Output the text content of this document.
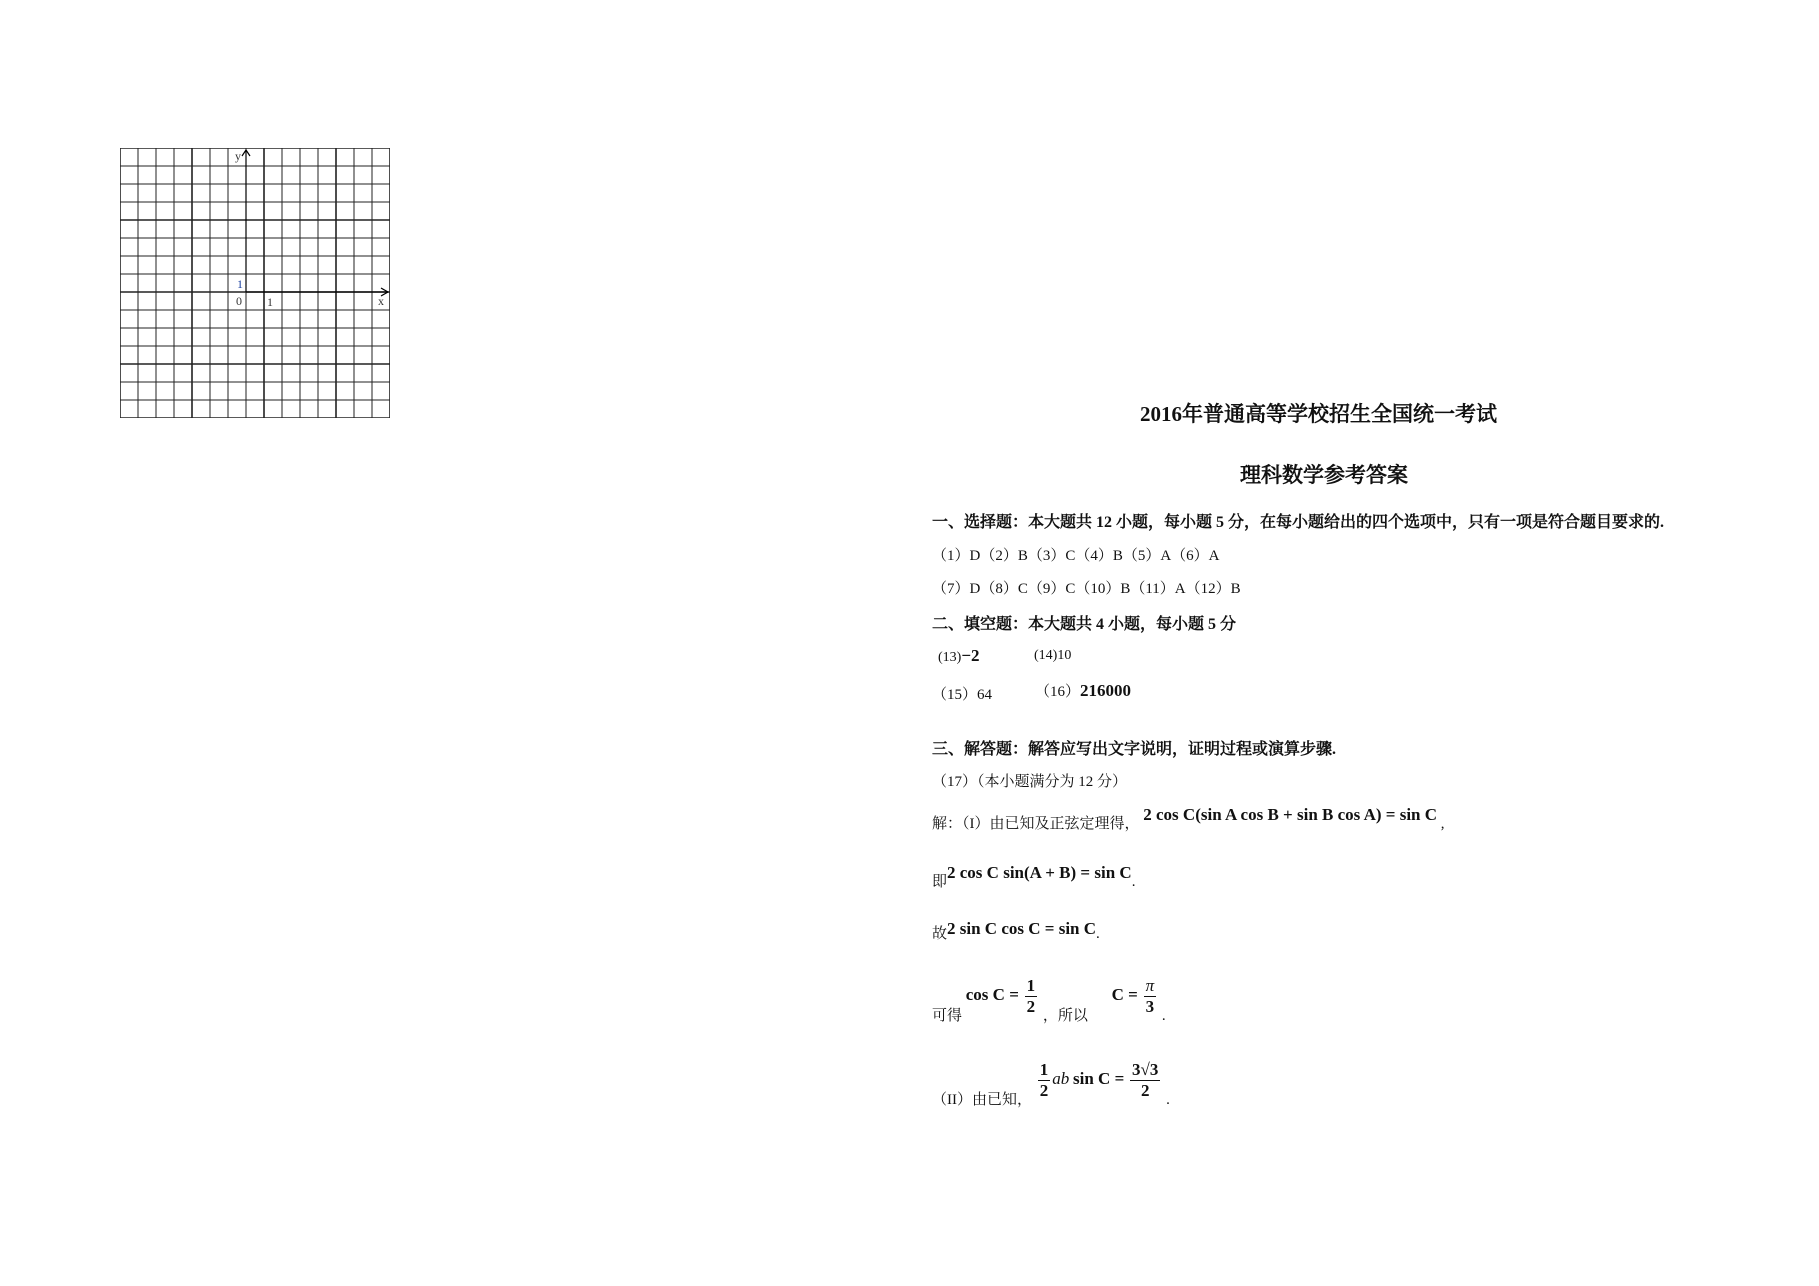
y
x
0 1
1
2016年普通高等学校招生全国统一考试
理科数学参考答案
一、选择题：本大题共 12 小题，每小题 5 分，在每小题给出的四个选项中，只有一项是符合题目要求的.
（1）D（2）B（3）C（4）B（5）A（6）A
（7）D（8）C（9）C（10）B（11）A（12）B
二、填空题：本大题共 4 小题，每小题 5 分
(13)−2	(14)10
（15）64	（16）216000
三、解答题：解答应写出文字说明，证明过程或演算步骤.
（17）（本小题满分为 12 分）
解：（I）由已知及正弦定理得， 2 cos C(sin A cos B + sin B cos A) = sin C ,
即2 cos C sin(A + B) = sin C.
故2 sin C cos C = sin C.
可得 $\cos C = \frac{1}{2}$ ，所以 $C = \frac{\pi}{3}$ .
（II）由已知， $\frac{1}{2}$ ab $\sin C = \frac{3√3}{2}$ .
